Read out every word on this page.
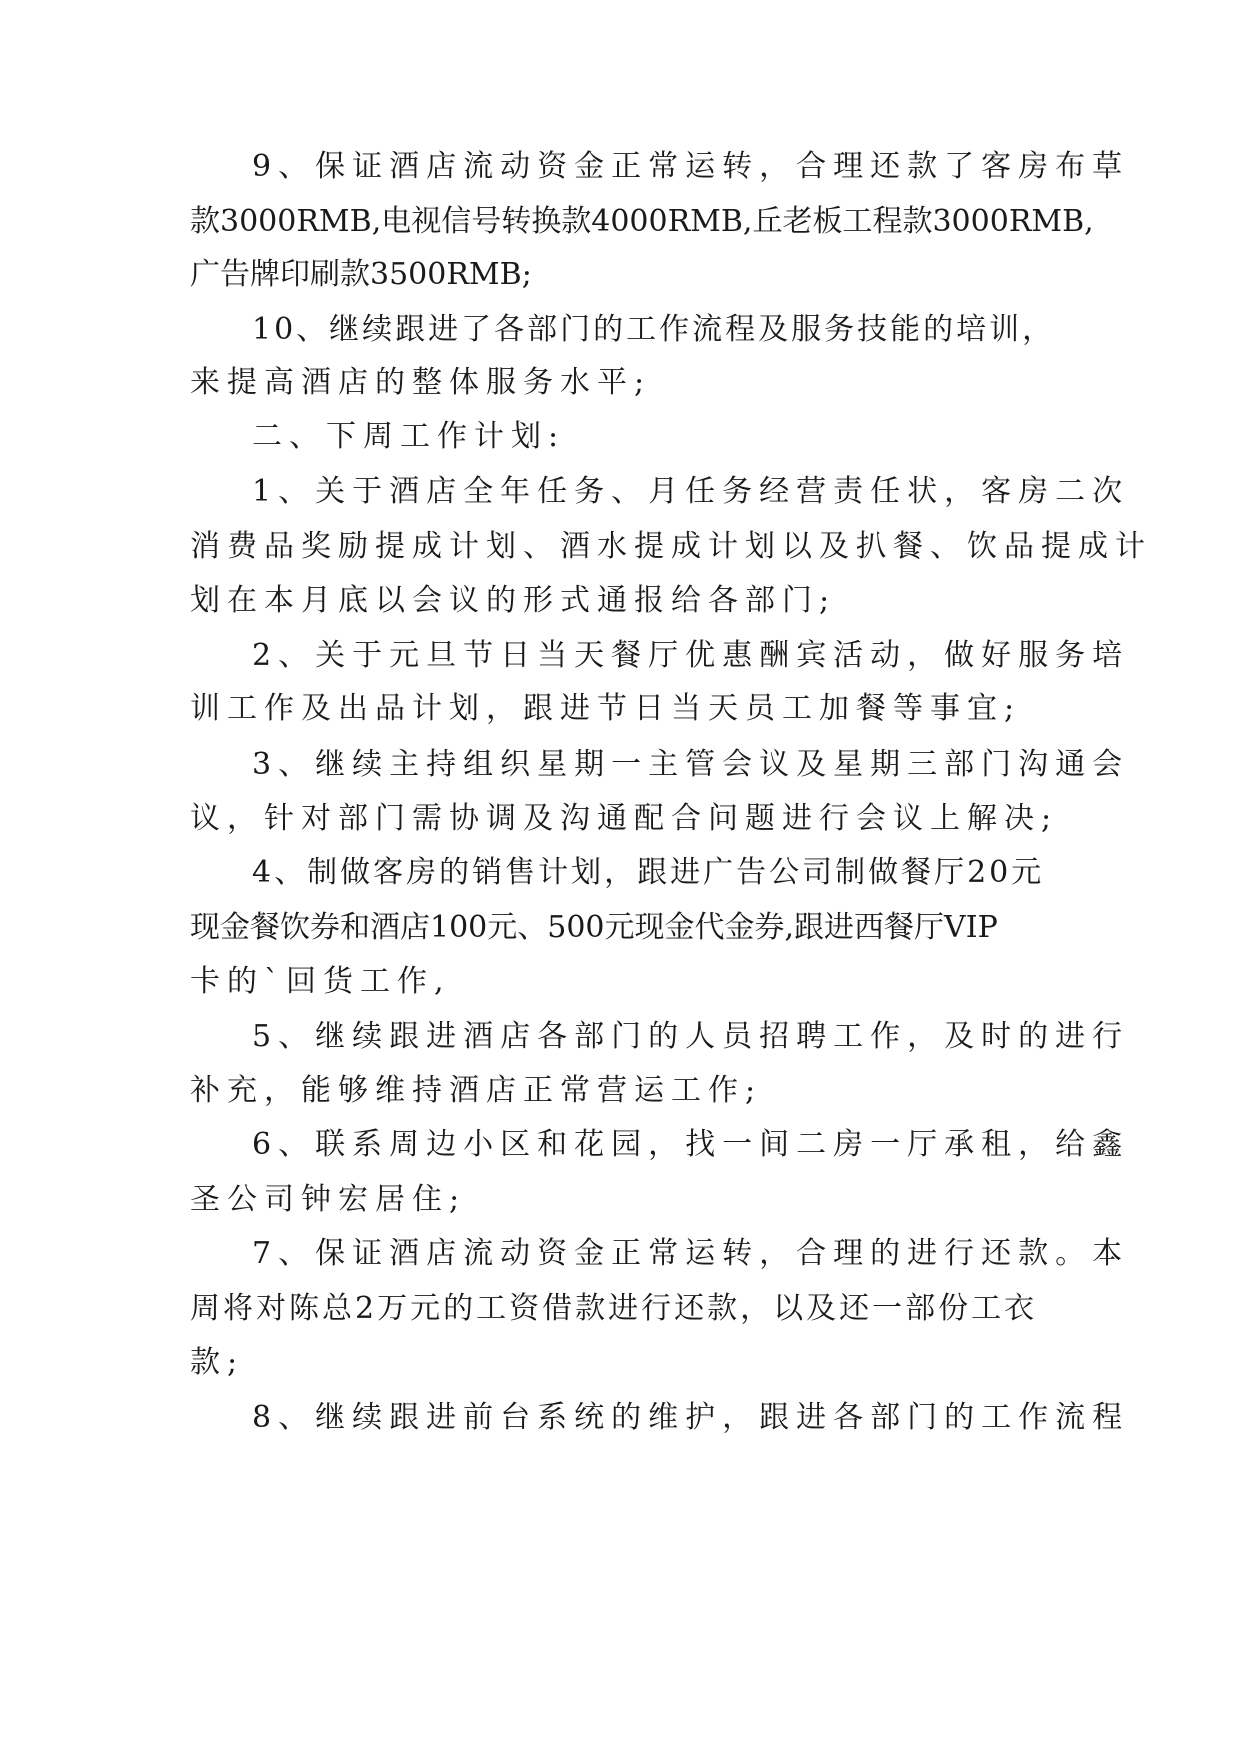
9、保证酒店流动资金正常运转，合理还款了客房布草
款3000RMB,电视信号转换款4000RMB,丘老板工程款3000RMB,
广告牌印刷款3500RMB;
10、继续跟进了各部门的工作流程及服务技能的培训，
来提高酒店的整体服务水平;
二、下周工作计划:
1、关于酒店全年任务、月任务经营责任状，客房二次
消费品奖励提成计划、酒水提成计划以及扒餐、饮品提成计
划在本月底以会议的形式通报给各部门;
2、关于元旦节日当天餐厅优惠酬宾活动，做好服务培
训工作及出品计划，跟进节日当天员工加餐等事宜;
3、继续主持组织星期一主管会议及星期三部门沟通会
议，针对部门需协调及沟通配合问题进行会议上解决;
4、制做客房的销售计划，跟进广告公司制做餐厅20元
现金餐饮券和酒店100元、500元现金代金券,跟进西餐厅VIP
卡的`回货工作,
5、继续跟进酒店各部门的人员招聘工作，及时的进行
补充，能够维持酒店正常营运工作;
6、联系周边小区和花园，找一间二房一厅承租，给鑫
圣公司钟宏居住;
7、保证酒店流动资金正常运转，合理的进行还款。本
周将对陈总2万元的工资借款进行还款，以及还一部份工衣
款;
8、继续跟进前台系统的维护，跟进各部门的工作流程
